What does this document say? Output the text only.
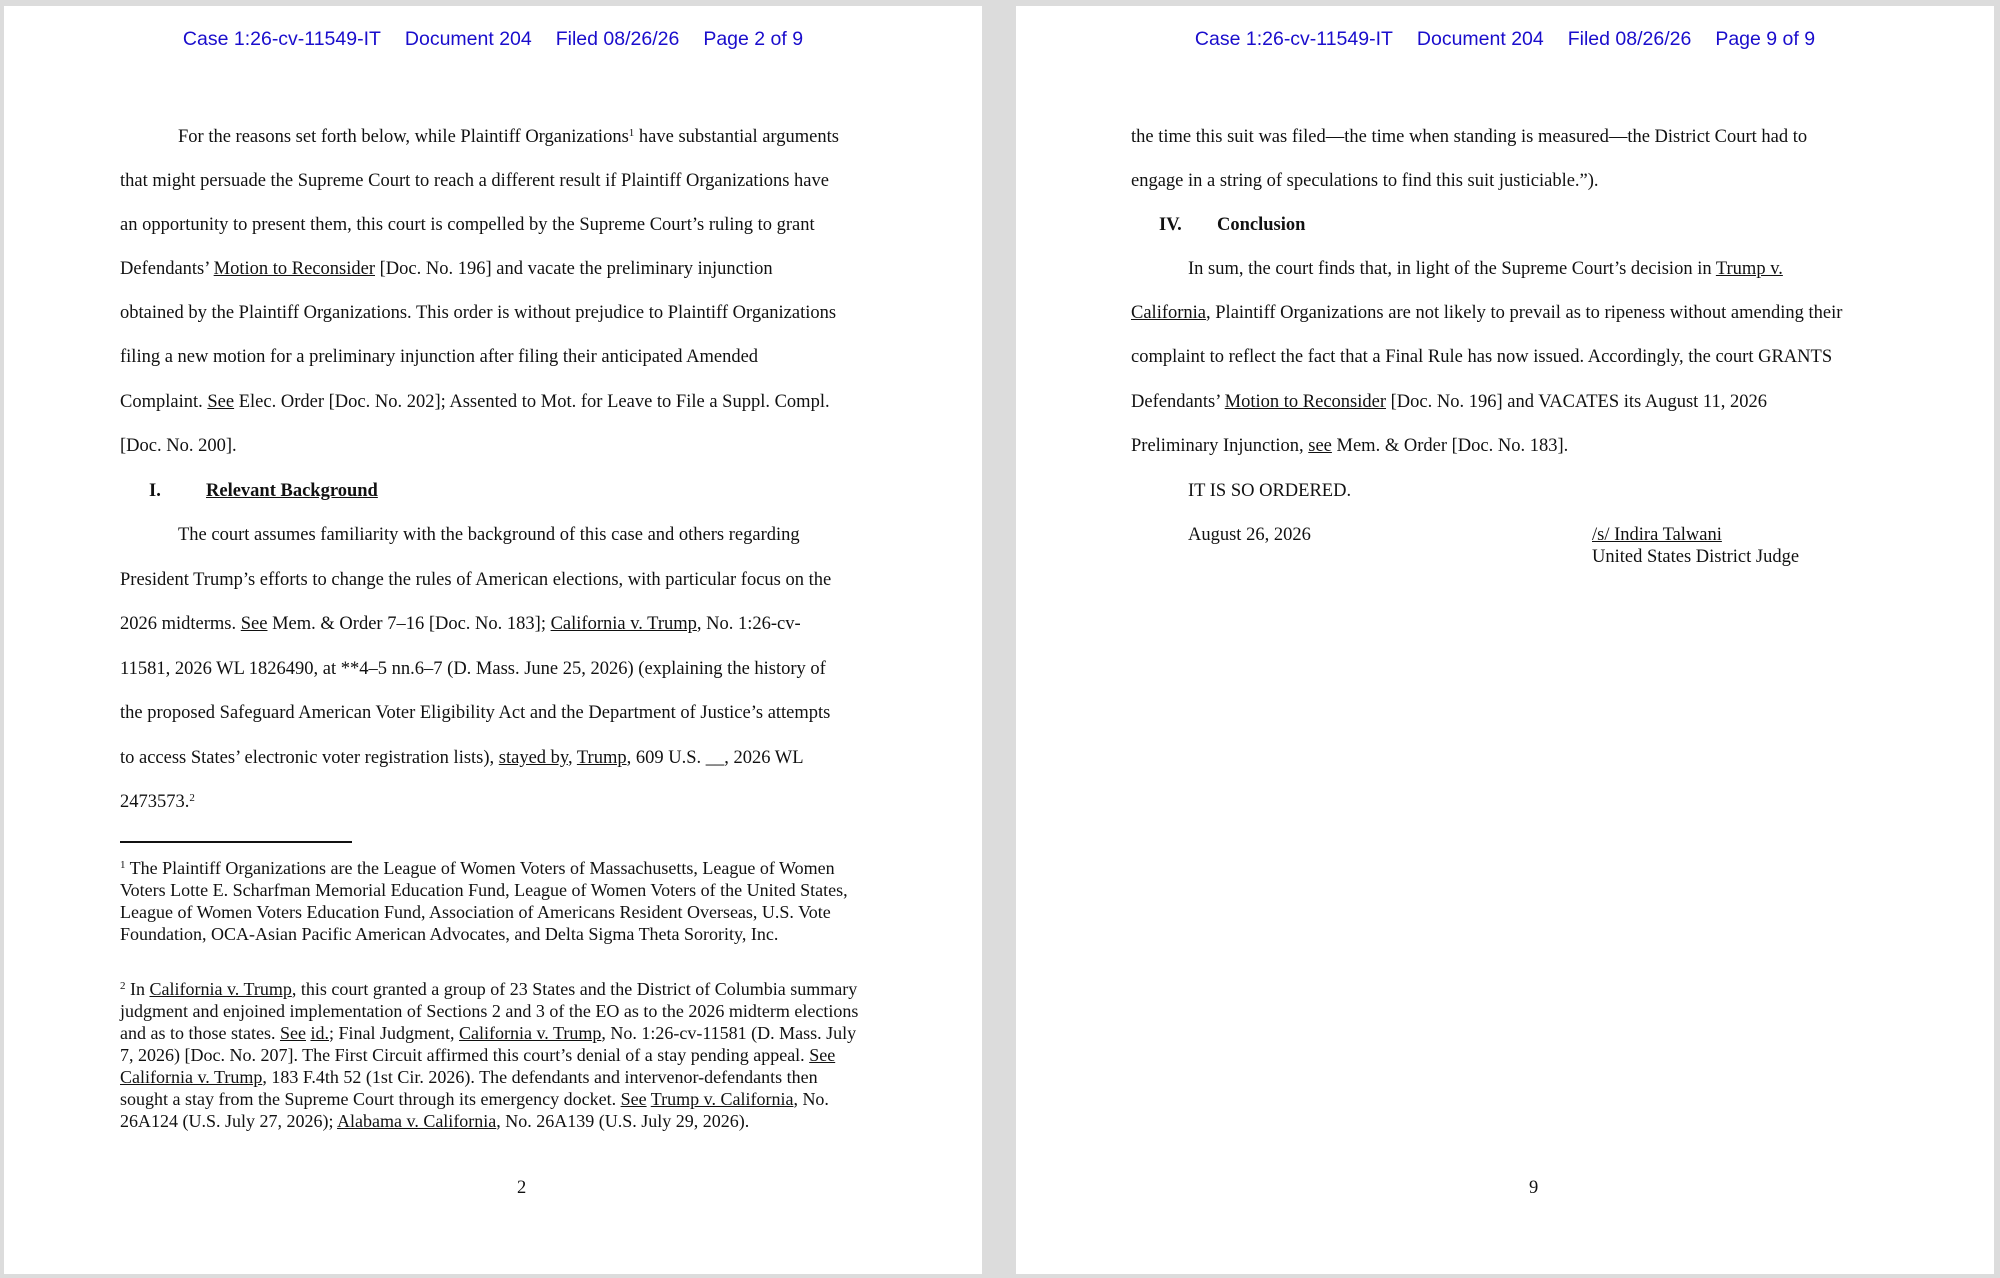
Case 1:26-cv-11549-IT Document 204 Filed 08/26/26 Page 2 of 9
For the reasons set forth below, while Plaintiff Organizations$^1$ have substantial arguments
that might persuade the Supreme Court to reach a different result if Plaintiff Organizations have
an opportunity to present them, this court is compelled by the Supreme Court’s ruling to grant
Defendants’ Motion to Reconsider [Doc. No. 196] and vacate the preliminary injunction
obtained by the Plaintiff Organizations. This order is without prejudice to Plaintiff Organizations
filing a new motion for a preliminary injunction after filing their anticipated Amended
Complaint. See Elec. Order [Doc. No. 202]; Assented to Mot. for Leave to File a Suppl. Compl.
[Doc. No. 200].
I. Relevant Background
The court assumes familiarity with the background of this case and others regarding
President Trump’s efforts to change the rules of American elections, with particular focus on the
2026 midterms. See Mem. & Order 7–16 [Doc. No. 183]; California v. Trump, No. 1:26-cv-
11581, 2026 WL 1826490, at **4–5 nn.6–7 (D. Mass. June 25, 2026) (explaining the history of
the proposed Safeguard American Voter Eligibility Act and the Department of Justice’s attempts
to access States’ electronic voter registration lists), stayed by, Trump, 609 U.S. __, 2026 WL
2473573.$^2$
$^1$ The Plaintiff Organizations are the League of Women Voters of Massachusetts, League of Women Voters Lotte E. Scharfman Memorial Education Fund, League of Women Voters of the United States, League of Women Voters Education Fund, Association of Americans Resident Overseas, U.S. Vote Foundation, OCA-Asian Pacific American Advocates, and Delta Sigma Theta Sorority, Inc.
$^2$ In California v. Trump, this court granted a group of 23 States and the District of Columbia summary judgment and enjoined implementation of Sections 2 and 3 of the EO as to the 2026 midterm elections and as to those states. See id.; Final Judgment, California v. Trump, No. 1:26-cv-11581 (D. Mass. July 7, 2026) [Doc. No. 207]. The First Circuit affirmed this court’s denial of a stay pending appeal. See California v. Trump, 183 F.4th 52 (1st Cir. 2026). The defendants and intervenor-defendants then sought a stay from the Supreme Court through its emergency docket. See Trump v. California, No. 26A124 (U.S. July 27, 2026); Alabama v. California, No. 26A139 (U.S. July 29, 2026).
2
Case 1:26-cv-11549-IT Document 204 Filed 08/26/26 Page 9 of 9
the time this suit was filed—the time when standing is measured—the District Court had to
engage in a string of speculations to find this suit justiciable.”).
IV. Conclusion
In sum, the court finds that, in light of the Supreme Court’s decision in Trump v.
California, Plaintiff Organizations are not likely to prevail as to ripeness without amending their
complaint to reflect the fact that a Final Rule has now issued. Accordingly, the court GRANTS
Defendants’ Motion to Reconsider [Doc. No. 196] and VACATES its August 11, 2026
Preliminary Injunction, see Mem. & Order [Doc. No. 183].
IT IS SO ORDERED.
August 26, 2026	/s/ Indira Talwani
United States District Judge
9
